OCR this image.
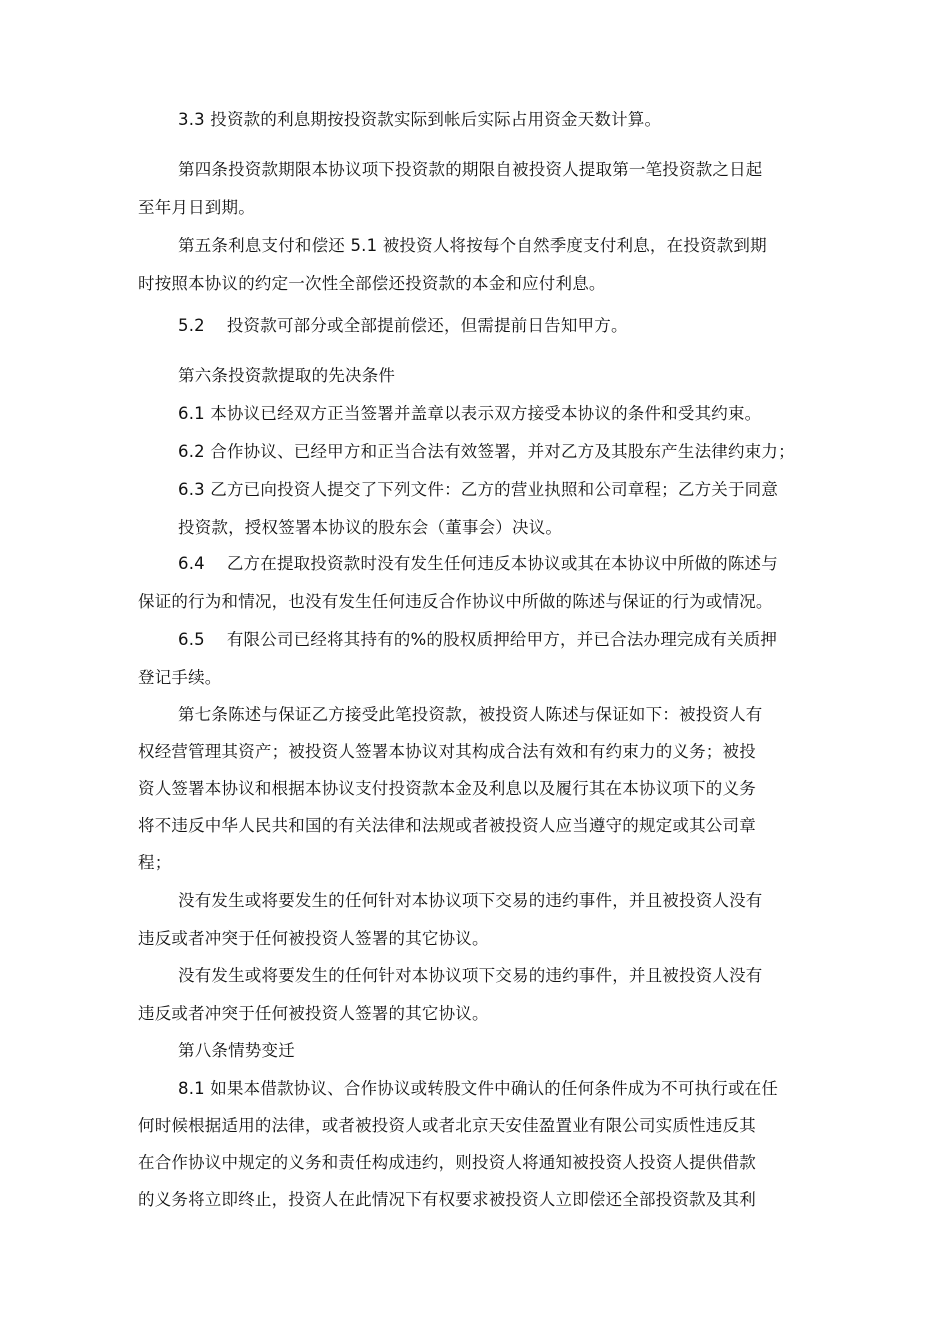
3.3 投资款的利息期按投资款实际到帐后实际占用资金天数计算。

第四条投资款期限本协议项下投资款的期限自被投资人提取第一笔投资款之日起

至年月日到期。

第五条利息支付和偿还 5.1 被投资人将按每个自然季度支付利息，在投资款到期

时按照本协议的约定一次性全部偿还投资款的本金和应付利息。

5.2 投资款可部分或全部提前偿还，但需提前日告知甲方。

第六条投资款提取的先决条件

6.1 本协议已经双方正当签署并盖章以表示双方接受本协议的条件和受其约束。

6.2 合作协议、已经甲方和正当合法有效签署，并对乙方及其股东产生法律约束力；

6.3 乙方已向投资人提交了下列文件：乙方的营业执照和公司章程；乙方关于同意

投资款，授权签署本协议的股东会（董事会）决议。

6.4 乙方在提取投资款时没有发生任何违反本协议或其在本协议中所做的陈述与

保证的行为和情况，也没有发生任何违反合作协议中所做的陈述与保证的行为或情况。

6.5 有限公司已经将其持有的%的股权质押给甲方，并已合法办理完成有关质押

登记手续。

第七条陈述与保证乙方接受此笔投资款，被投资人陈述与保证如下：被投资人有

权经营管理其资产；被投资人签署本协议对其构成合法有效和有约束力的义务；被投

资人签署本协议和根据本协议支付投资款本金及利息以及履行其在本协议项下的义务

将不违反中华人民共和国的有关法律和法规或者被投资人应当遵守的规定或其公司章

程；

没有发生或将要发生的任何针对本协议项下交易的违约事件，并且被投资人没有

违反或者冲突于任何被投资人签署的其它协议。

没有发生或将要发生的任何针对本协议项下交易的违约事件，并且被投资人没有

违反或者冲突于任何被投资人签署的其它协议。

第八条情势变迁

8.1 如果本借款协议、合作协议或转股文件中确认的任何条件成为不可执行或在任

何时候根据适用的法律，或者被投资人或者北京天安佳盈置业有限公司实质性违反其

在合作协议中规定的义务和责任构成违约，则投资人将通知被投资人投资人提供借款

的义务将立即终止，投资人在此情况下有权要求被投资人立即偿还全部投资款及其利
